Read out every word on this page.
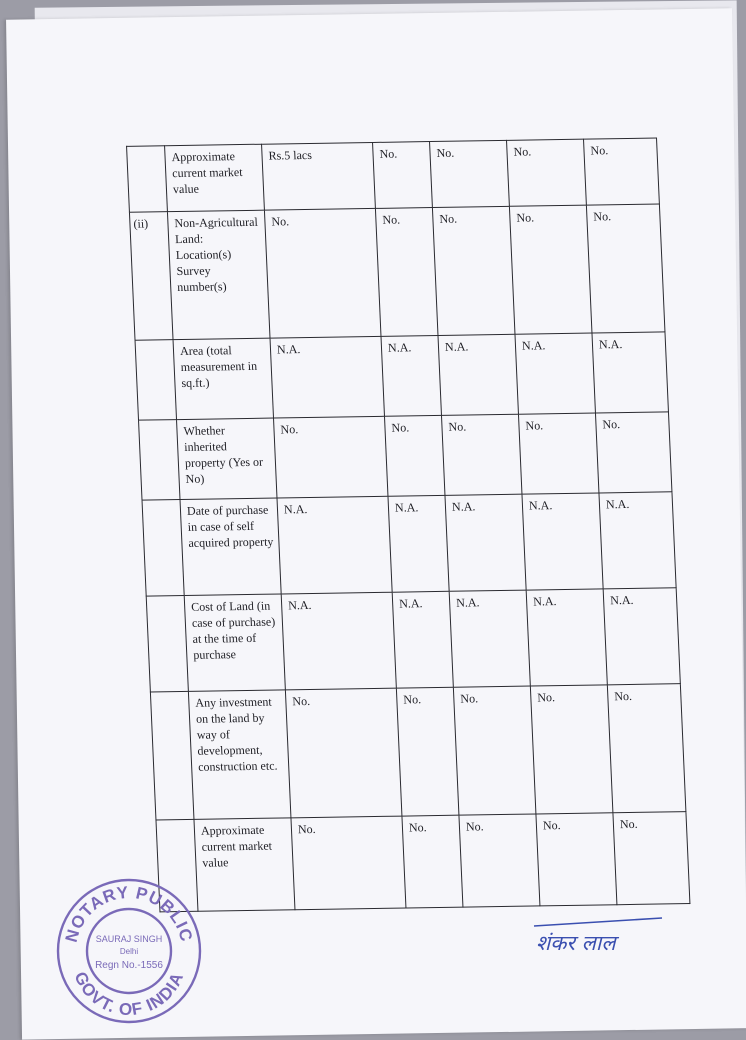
	Approximate current market value	Rs.5 lacs	No.	No.	No.	No.
(ii)	Non-Agricultural Land: Location(s) Survey number(s)	No.	No.	No.	No.	No.
	Area (total measurement in sq.ft.)	N.A.	N.A.	N.A.	N.A.	N.A.
	Whether inherited property (Yes or No)	No.	No.	No.	No.	No.
	Date of purchase in case of self acquired property	N.A.	N.A.	N.A.	N.A.	N.A.
	Cost of Land (in case of purchase) at the time of purchase	N.A.	N.A.	N.A.	N.A.	N.A.
	Any investment on the land by way of development, construction etc.	No.	No.	No.	No.	No.
	Approximate current market value	No.	No.	No.	No.	No.
NOTARY PUBLIC
GOVT. OF INDIA
SAURAJ SINGH
Delhi
Regn No.-1556
शंकर लाल
